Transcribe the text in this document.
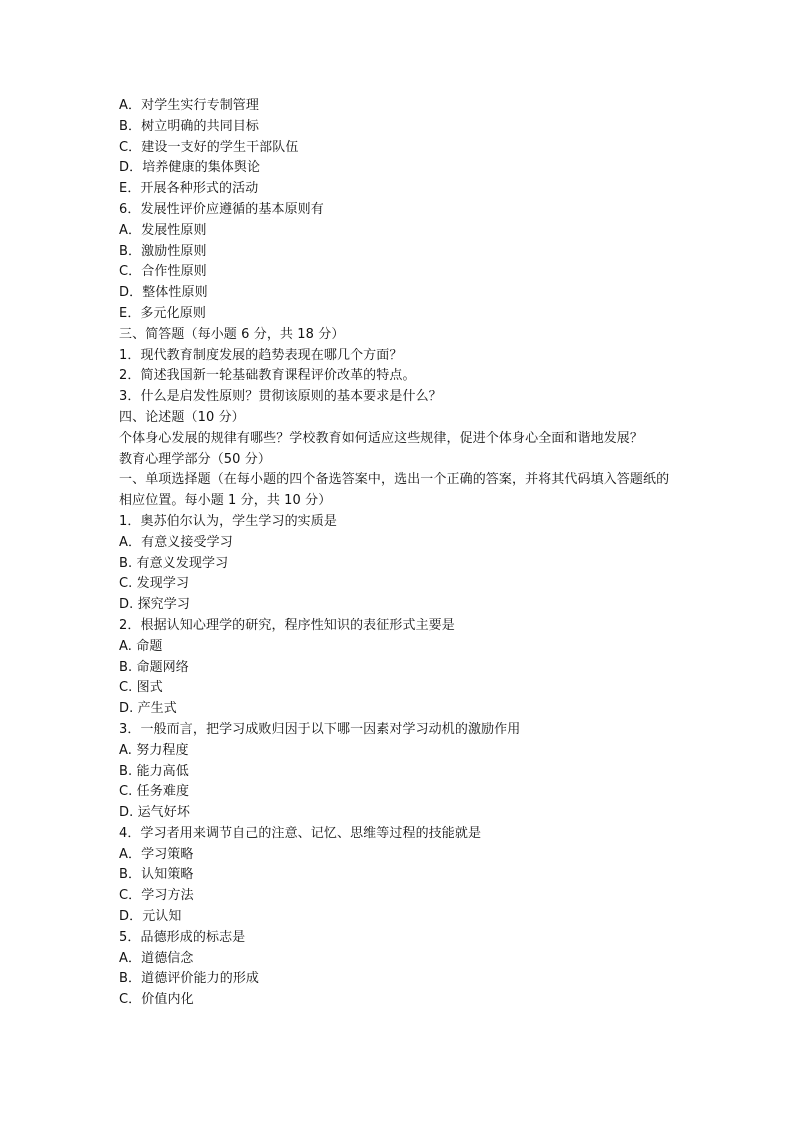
A．对学生实行专制管理
B．树立明确的共同目标
C．建设一支好的学生干部队伍
D．培养健康的集体舆论
E．开展各种形式的活动
6．发展性评价应遵循的基本原则有
A．发展性原则
B．激励性原则
C．合作性原则
D．整体性原则
E．多元化原则
三、简答题（每小题 6 分，共 18 分）
1．现代教育制度发展的趋势表现在哪几个方面？
2．简述我国新一轮基础教育课程评价改革的特点。
3．什么是启发性原则？贯彻该原则的基本要求是什么？
四、论述题（10 分）
个体身心发展的规律有哪些？学校教育如何适应这些规律，促进个体身心全面和谐地发展？
教育心理学部分（50 分）
一、单项选择题（在每小题的四个备选答案中，选出一个正确的答案，并将其代码填入答题纸的相应位置。每小题 1 分，共 10 分）
1．奥苏伯尔认为，学生学习的实质是
A．有意义接受学习
B. 有意义发现学习
C. 发现学习
D. 探究学习
2．根据认知心理学的研究，程序性知识的表征形式主要是
A. 命题
B. 命题网络
C. 图式
D. 产生式
3．一般而言，把学习成败归因于以下哪一因素对学习动机的激励作用
A. 努力程度
B. 能力高低
C. 任务难度
D. 运气好坏
4．学习者用来调节自己的注意、记忆、思维等过程的技能就是
A．学习策略
B．认知策略
C．学习方法
D．元认知
5．品德形成的标志是
A．道德信念
B．道德评价能力的形成
C．价值内化
